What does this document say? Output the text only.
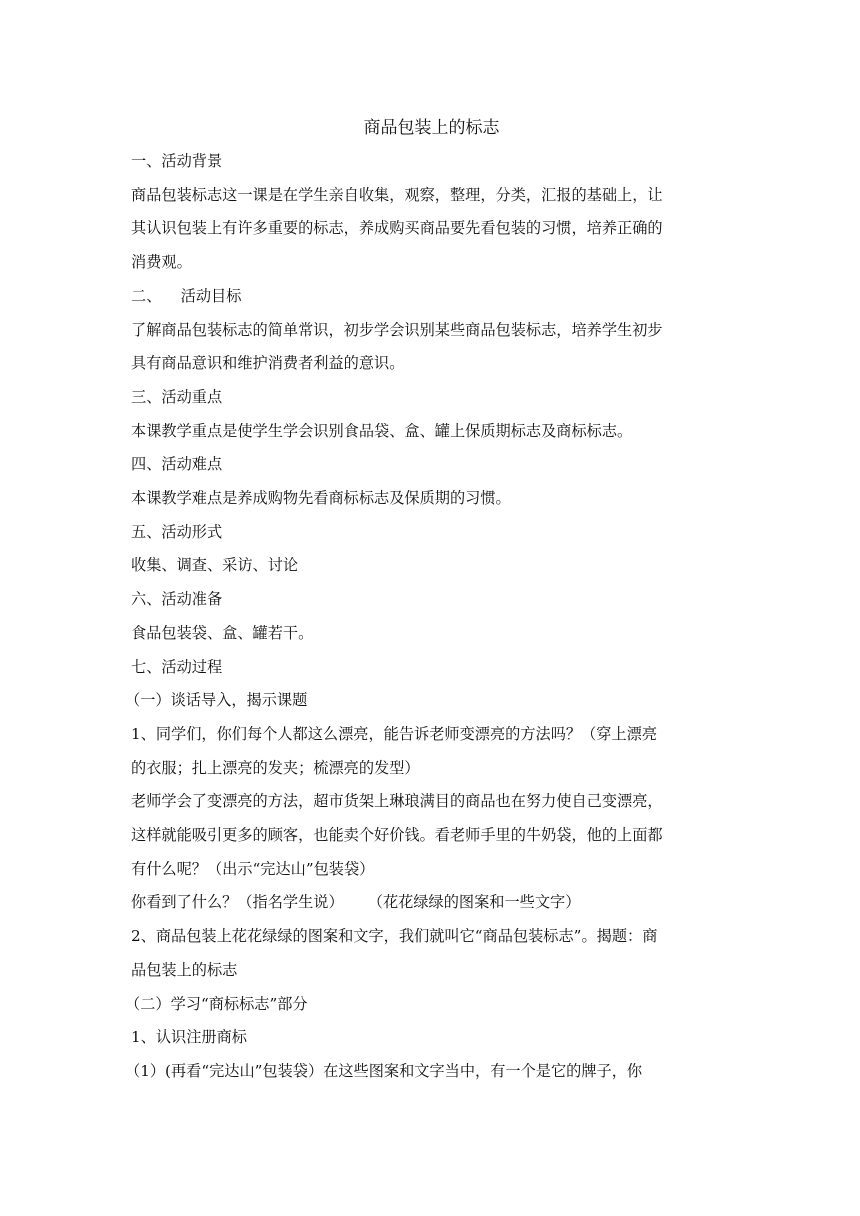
商品包装上的标志

一、活动背景

商品包装标志这一课是在学生亲自收集，观察，整理，分类，汇报的基础上，让

其认识包装上有许多重要的标志，养成购买商品要先看包装的习惯，培养正确的

消费观。

二、    活动目标

了解商品包装标志的简单常识，初步学会识别某些商品包装标志，培养学生初步

具有商品意识和维护消费者利益的意识。

三、活动重点

本课教学重点是使学生学会识别食品袋、盒、罐上保质期标志及商标标志。

四、活动难点

本课教学难点是养成购物先看商标标志及保质期的习惯。

五、活动形式

收集、调查、采访、讨论

六、活动准备

食品包装袋、盒、罐若干。

七、活动过程

（一）谈话导入，揭示课题

1、同学们，你们每个人都这么漂亮，能告诉老师变漂亮的方法吗？（穿上漂亮

的衣服；扎上漂亮的发夹；梳漂亮的发型）

老师学会了变漂亮的方法，超市货架上琳琅满目的商品也在努力使自己变漂亮，

这样就能吸引更多的顾客，也能卖个好价钱。看老师手里的牛奶袋，他的上面都

有什么呢？（出示“完达山”包装袋）

你看到了什么？（指名学生说）     （花花绿绿的图案和一些文字）

2、商品包装上花花绿绿的图案和文字，我们就叫它“商品包装标志”。揭题：商

品包装上的标志

（二）学习“商标标志”部分

1、认识注册商标

（1）(再看“完达山”包装袋）在这些图案和文字当中，有一个是它的牌子，你
